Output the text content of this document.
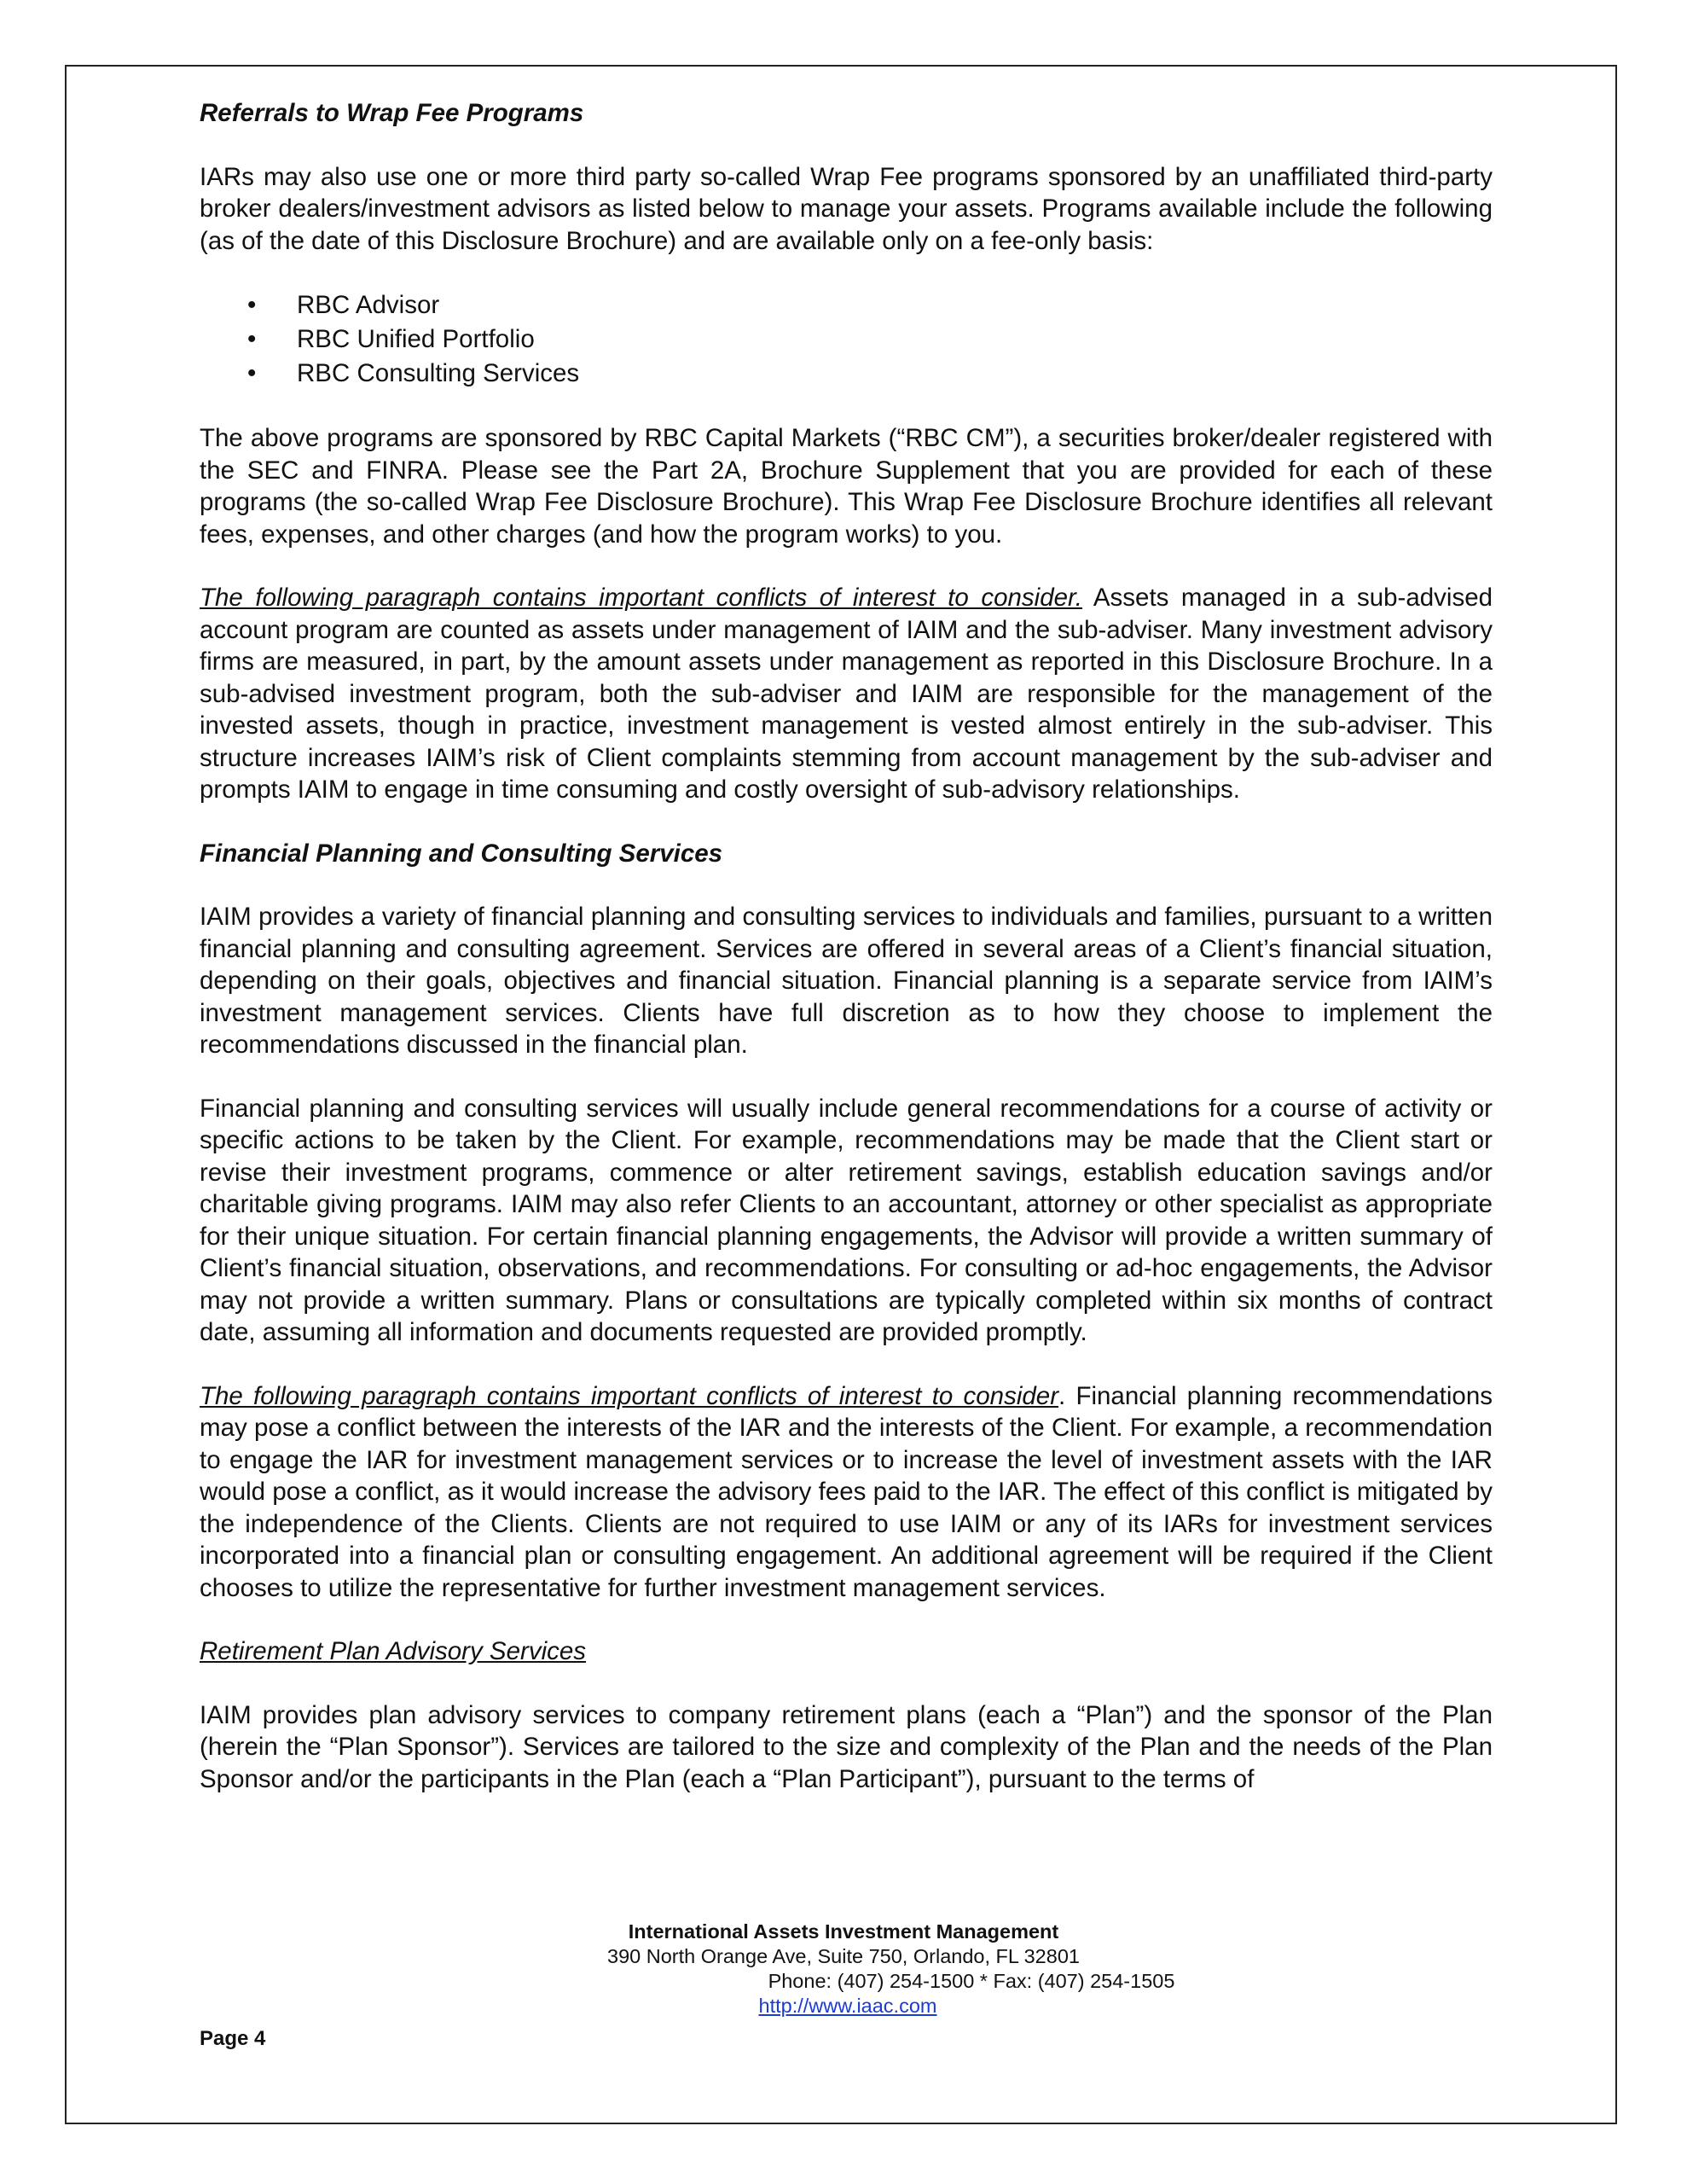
Referrals to Wrap Fee Programs

IARs may also use one or more third party so-called Wrap Fee programs sponsored by an unaffiliated third-party broker dealers/investment advisors as listed below to manage your assets. Programs available include the following (as of the date of this Disclosure Brochure) and are available only on a fee-only basis:

• RBC Advisor
• RBC Unified Portfolio
• RBC Consulting Services

The above programs are sponsored by RBC Capital Markets (“RBC CM”), a securities broker/dealer registered with the SEC and FINRA. Please see the Part 2A, Brochure Supplement that you are provided for each of these programs (the so-called Wrap Fee Disclosure Brochure). This Wrap Fee Disclosure Brochure identifies all relevant fees, expenses, and other charges (and how the program works) to you.

The following paragraph contains important conflicts of interest to consider. Assets managed in a sub-advised account program are counted as assets under management of IAIM and the sub-adviser. Many investment advisory firms are measured, in part, by the amount assets under management as reported in this Disclosure Brochure. In a sub-advised investment program, both the sub-adviser and IAIM are responsible for the management of the invested assets, though in practice, investment management is vested almost entirely in the sub-adviser. This structure increases IAIM’s risk of Client complaints stemming from account management by the sub-adviser and prompts IAIM to engage in time consuming and costly oversight of sub-advisory relationships.

Financial Planning and Consulting Services

IAIM provides a variety of financial planning and consulting services to individuals and families, pursuant to a written financial planning and consulting agreement. Services are offered in several areas of a Client’s financial situation, depending on their goals, objectives and financial situation. Financial planning is a separate service from IAIM’s investment management services. Clients have full discretion as to how they choose to implement the recommendations discussed in the financial plan.

Financial planning and consulting services will usually include general recommendations for a course of activity or specific actions to be taken by the Client. For example, recommendations may be made that the Client start or revise their investment programs, commence or alter retirement savings, establish education savings and/or charitable giving programs. IAIM may also refer Clients to an accountant, attorney or other specialist as appropriate for their unique situation. For certain financial planning engagements, the Advisor will provide a written summary of Client’s financial situation, observations, and recommendations. For consulting or ad-hoc engagements, the Advisor may not provide a written summary. Plans or consultations are typically completed within six months of contract date, assuming all information and documents requested are provided promptly.

The following paragraph contains important conflicts of interest to consider. Financial planning recommendations may pose a conflict between the interests of the IAR and the interests of the Client. For example, a recommendation to engage the IAR for investment management services or to increase the level of investment assets with the IAR would pose a conflict, as it would increase the advisory fees paid to the IAR. The effect of this conflict is mitigated by the independence of the Clients. Clients are not required to use IAIM or any of its IARs for investment services incorporated into a financial plan or consulting engagement. An additional agreement will be required if the Client chooses to utilize the representative for further investment management services.

Retirement Plan Advisory Services

IAIM provides plan advisory services to company retirement plans (each a “Plan”) and the sponsor of the Plan (herein the “Plan Sponsor”). Services are tailored to the size and complexity of the Plan and the needs of the Plan Sponsor and/or the participants in the Plan (each a “Plan Participant”), pursuant to the terms of

International Assets Investment Management
390 North Orange Ave, Suite 750, Orlando, FL 32801
Phone: (407) 254-1500 * Fax: (407) 254-1505
http://www.iaac.com
Page 4
